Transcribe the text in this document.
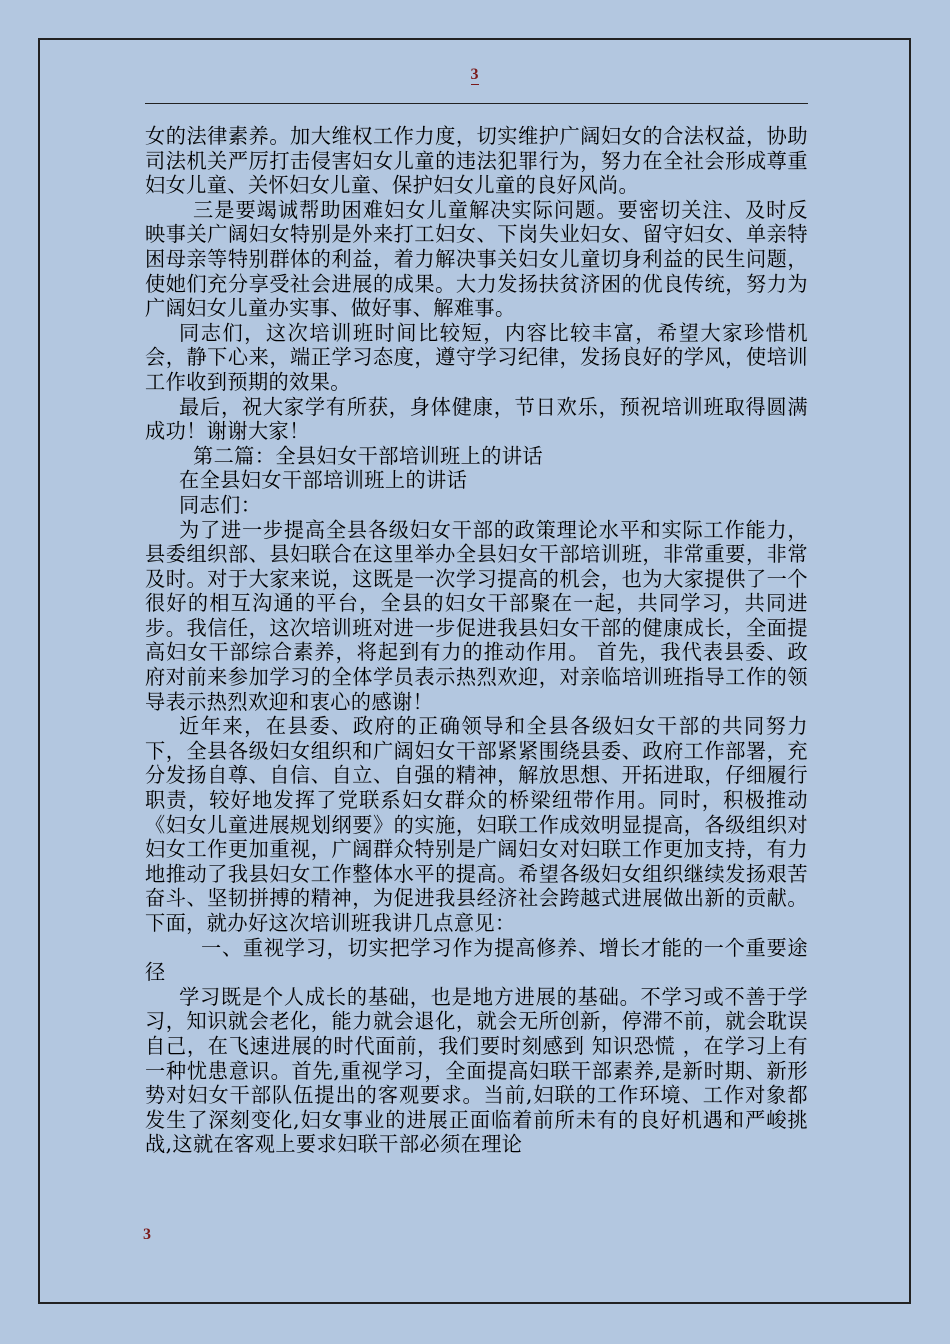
3

女的法律素养。加大维权工作力度，切实维护广阔妇女的合法权益，协助司法机关严厉打击侵害妇女儿童的违法犯罪行为，努力在全社会形成尊重妇女儿童、关怀妇女儿童、保护妇女儿童的良好风尚。

三是要竭诚帮助困难妇女儿童解决实际问题。要密切关注、及时反映事关广阔妇女特别是外来打工妇女、下岗失业妇女、留守妇女、单亲特困母亲等特别群体的利益，着力解决事关妇女儿童切身利益的民生问题，使她们充分享受社会进展的成果。大力发扬扶贫济困的优良传统，努力为广阔妇女儿童办实事、做好事、解难事。

同志们，这次培训班时间比较短，内容比较丰富，希望大家珍惜机会，静下心来，端正学习态度，遵守学习纪律，发扬良好的学风，使培训工作收到预期的效果。

最后，祝大家学有所获，身体健康，节日欢乐，预祝培训班取得圆满成功！谢谢大家！

第二篇：全县妇女干部培训班上的讲话

在全县妇女干部培训班上的讲话

同志们：

为了进一步提高全县各级妇女干部的政策理论水平和实际工作能力，县委组织部、县妇联合在这里举办全县妇女干部培训班，非常重要，非常及时。对于大家来说，这既是一次学习提高的机会，也为大家提供了一个很好的相互沟通的平台，全县的妇女干部聚在一起，共同学习，共同进步。我信任，这次培训班对进一步促进我县妇女干部的健康成长，全面提高妇女干部综合素养，将起到有力的推动作用。 首先，我代表县委、政府对前来参加学习的全体学员表示热烈欢迎，对亲临培训班指导工作的领导表示热烈欢迎和衷心的感谢！

近年来，在县委、政府的正确领导和全县各级妇女干部的共同努力下，全县各级妇女组织和广阔妇女干部紧紧围绕县委、政府工作部署，充分发扬自尊、自信、自立、自强的精神，解放思想、开拓进取，仔细履行职责，较好地发挥了党联系妇女群众的桥梁纽带作用。同时，积极推动《妇女儿童进展规划纲要》的实施，妇联工作成效明显提高，各级组织对妇女工作更加重视，广阔群众特别是广阔妇女对妇联工作更加支持，有力地推动了我县妇女工作整体水平的提高。希望各级妇女组织继续发扬艰苦奋斗、坚韧拼搏的精神，为促进我县经济社会跨越式进展做出新的贡献。下面，就办好这次培训班我讲几点意见：

一、重视学习，切实把学习作为提高修养、增长才能的一个重要途径

学习既是个人成长的基础，也是地方进展的基础。不学习或不善于学习，知识就会老化，能力就会退化，就会无所创新，停滞不前，就会耽误自己，在飞速进展的时代面前，我们要时刻感到 知识恐慌 ，在学习上有一种忧患意识。首先,重视学习，全面提高妇联干部素养,是新时期、新形势对妇女干部队伍提出的客观要求。当前,妇联的工作环境、工作对象都发生了深刻变化,妇女事业的进展正面临着前所未有的良好机遇和严峻挑战,这就在客观上要求妇联干部必须在理论

3
